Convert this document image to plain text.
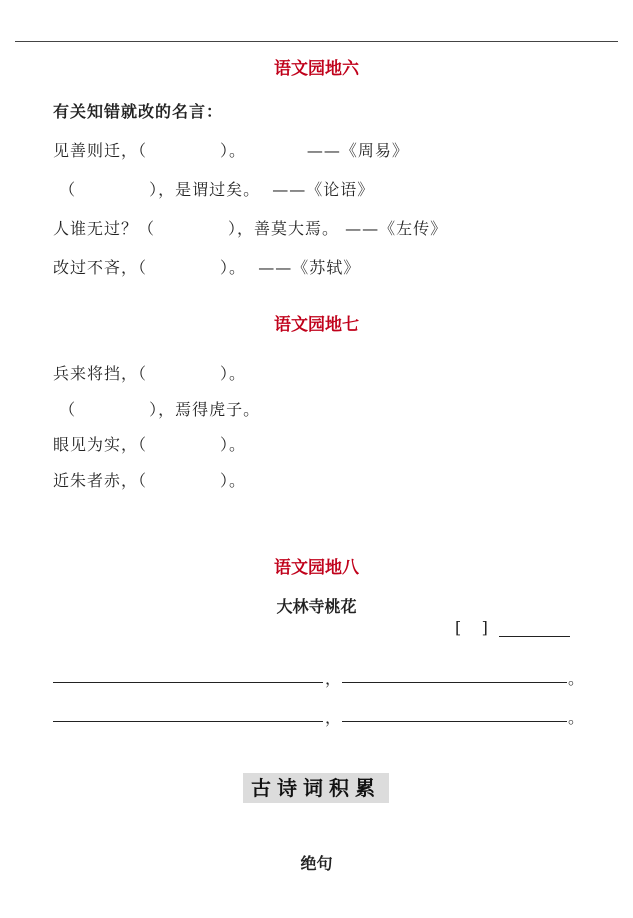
语文园地六
有关知错就改的名言：
见善则迁，（            ）。          ——《周易》
（            ），是谓过矣。  ——《论语》
人谁无过？（            ），善莫大焉。 ——《左传》
改过不吝，（            ）。  ——《苏轼》
语文园地七
兵来将挡，（            ）。
（            ），焉得虎子。
眼见为实，（            ）。
近朱者赤，（            ）。
语文园地八
大林寺桃花
[    ]
，	。
，	。
古诗词积累
绝句
